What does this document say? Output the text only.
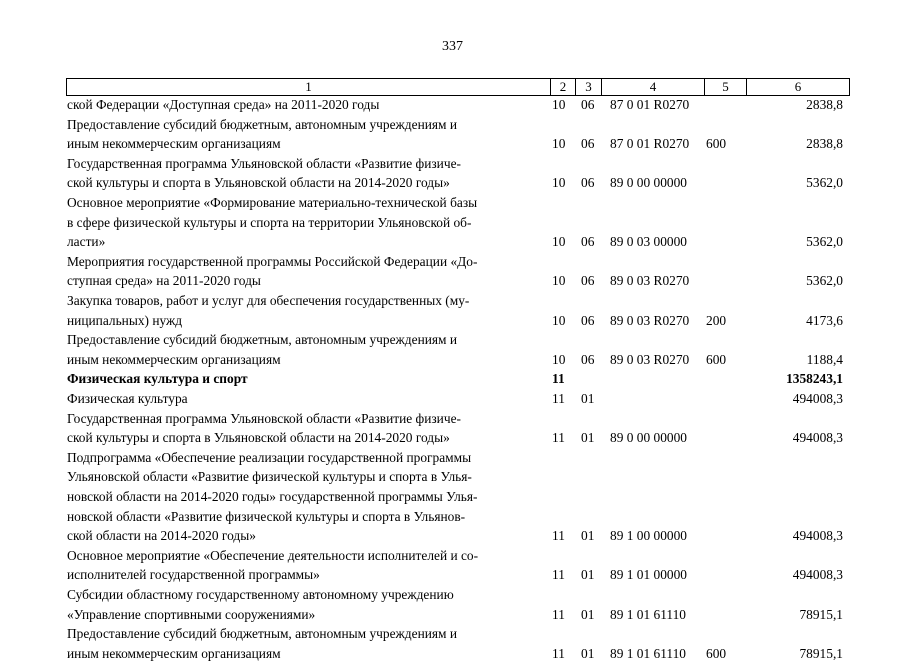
337
1	2	3	4	5	6
ской Федерации «Доступная среда» на 2011-2020 годы	10 06 87 0 01 R0270	2838,8
Предоставление субсидий бюджетным, автономным учреждениям и
иным некоммерческим организациям	10 06 87 0 01 R0270 600	2838,8
Государственная программа Ульяновской области «Развитие физиче-
ской культуры и спорта в Ульяновской области на 2014-2020 годы»	10 06 89 0 00 00000	5362,0
Основное мероприятие «Формирование материально-технической базы
в сфере физической культуры и спорта на территории Ульяновской об-
ласти»	10 06 89 0 03 00000	5362,0
Мероприятия государственной программы Российской Федерации «До-
ступная среда» на 2011-2020 годы	10 06 89 0 03 R0270	5362,0
Закупка товаров, работ и услуг для обеспечения государственных (му-
ниципальных) нужд	10 06 89 0 03 R0270 200	4173,6
Предоставление субсидий бюджетным, автономным учреждениям и
иным некоммерческим организациям	10 06 89 0 03 R0270 600	1188,4
Физическая культура и спорт	11	1358243,1
Физическая культура	11 01	494008,3
Государственная программа Ульяновской области «Развитие физиче-
ской культуры и спорта в Ульяновской области на 2014-2020 годы»	11 01 89 0 00 00000	494008,3
Подпрограмма «Обеспечение реализации государственной программы
Ульяновской области «Развитие физической культуры и спорта в Улья-
новской области на 2014-2020 годы» государственной программы Улья-
новской области «Развитие физической культуры и спорта в Ульянов-
ской области на 2014-2020 годы»	11 01 89 1 00 00000	494008,3
Основное мероприятие «Обеспечение деятельности исполнителей и со-
исполнителей государственной программы»	11 01 89 1 01 00000	494008,3
Субсидии областному государственному автономному учреждению
«Управление спортивными сооружениями»	11 01 89 1 01 61110	78915,1
Предоставление субсидий бюджетным, автономным учреждениям и
иным некоммерческим организациям	11 01 89 1 01 61110 600	78915,1
